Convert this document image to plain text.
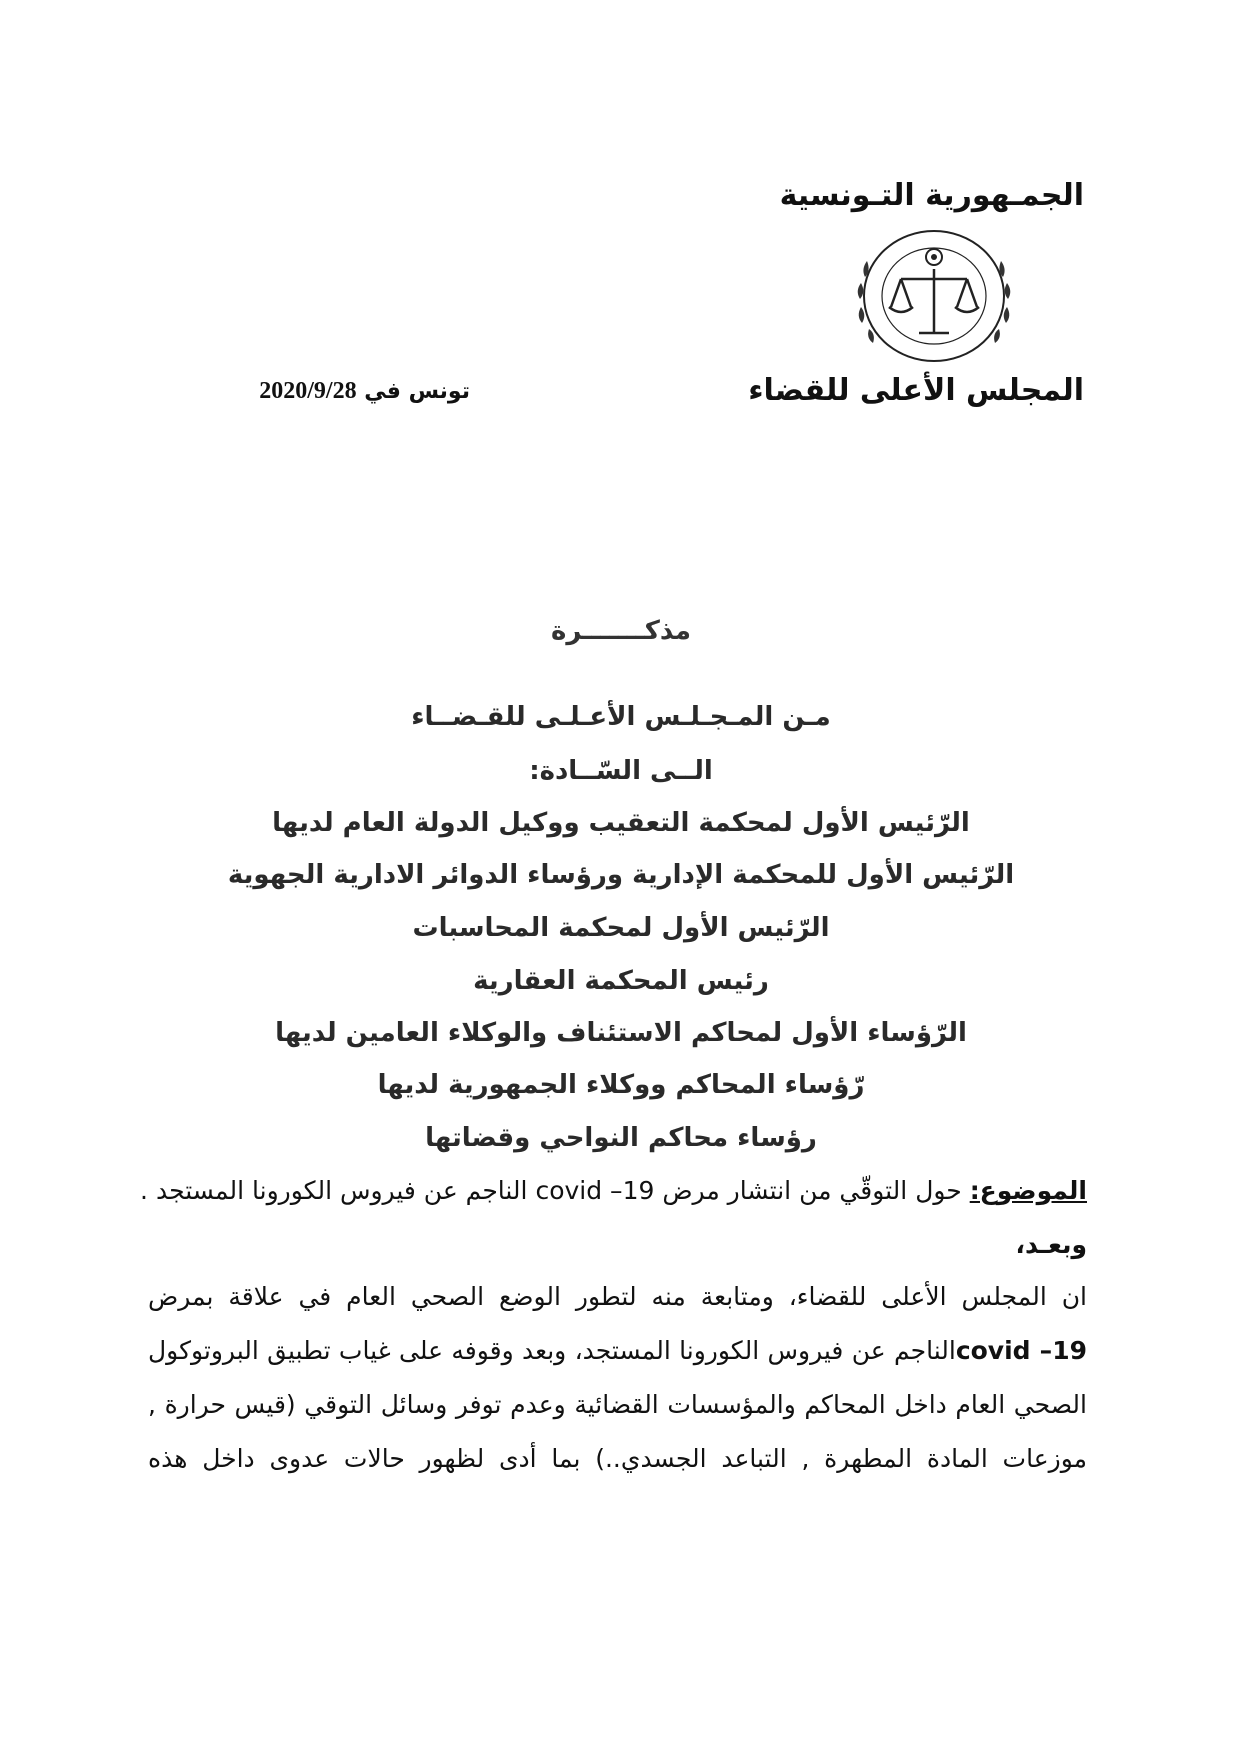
الجمـهورية التـونسية
المجلس الأعلى للقضاء
تونس في 2020/9/28
مذكـــــــرة
مـن المـجـلـس الأعـلـى للقـضــاء
الــى السّــادة:
الرّئيس الأول لمحكمة التعقيب ووكيل الدولة العام لديها
الرّئيس الأول للمحكمة الإدارية ورؤساء الدوائر الادارية الجهوية
الرّئيس الأول لمحكمة المحاسبات
رئيس المحكمة العقارية
الرّؤساء الأول لمحاكم الاستئناف والوكلاء العامين لديها
رّؤساء المحاكم ووكلاء الجمهورية لديها
رؤساء محاكم النواحي وقضاتها
الموضوع: حول التوقّي من انتشار مرض 19– covid الناجم عن فيروس الكورونا المستجد .
وبعـد،
ان المجلس الأعلى للقضاء، ومتابعة منه لتطور الوضع الصحي العام في علاقة بمرض
19– covidالناجم عن فيروس الكورونا المستجد، وبعد وقوفه على غياب تطبيق البروتوكول
الصحي العام داخل المحاكم والمؤسسات القضائية وعدم توفر وسائل التوقي (قيس حرارة ,
موزعات المادة المطهرة , التباعد الجسدي..) بما أدى لظهور حالات عدوى داخل هذه
